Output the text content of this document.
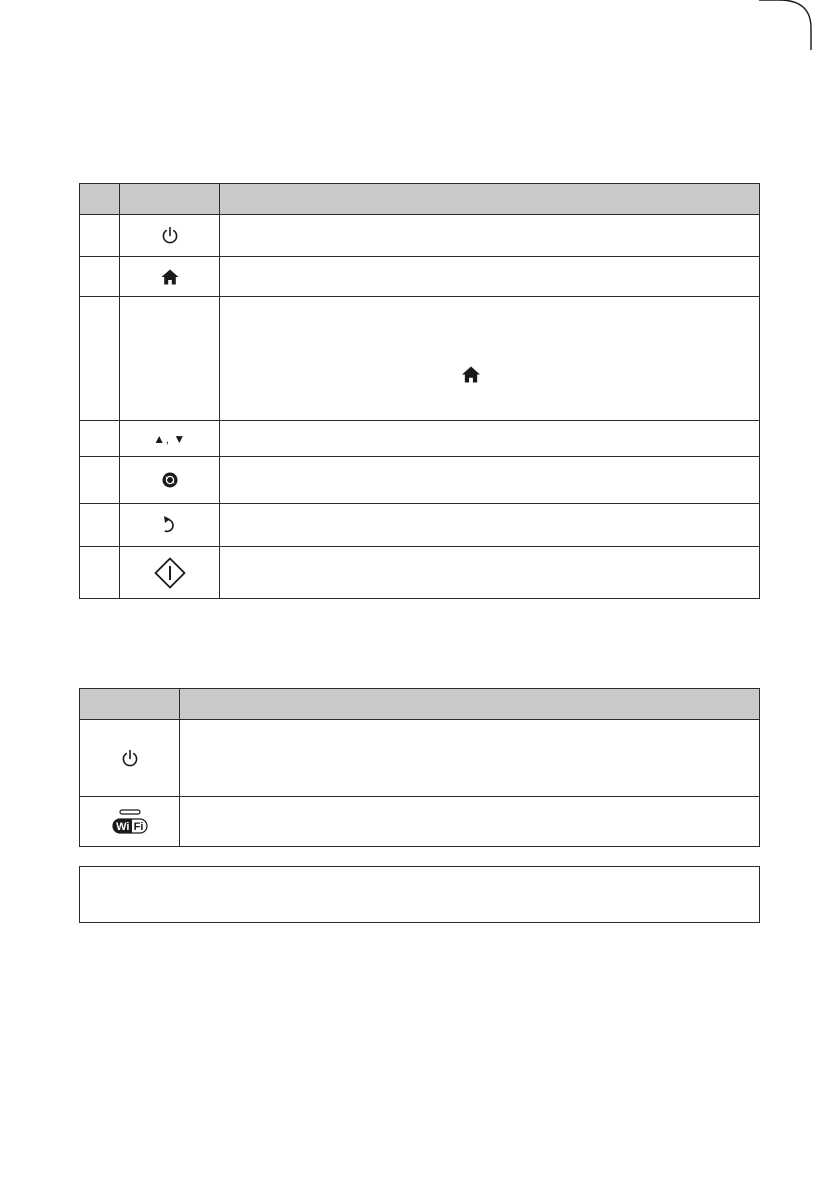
	▲, ▼	

Wi Fi	
